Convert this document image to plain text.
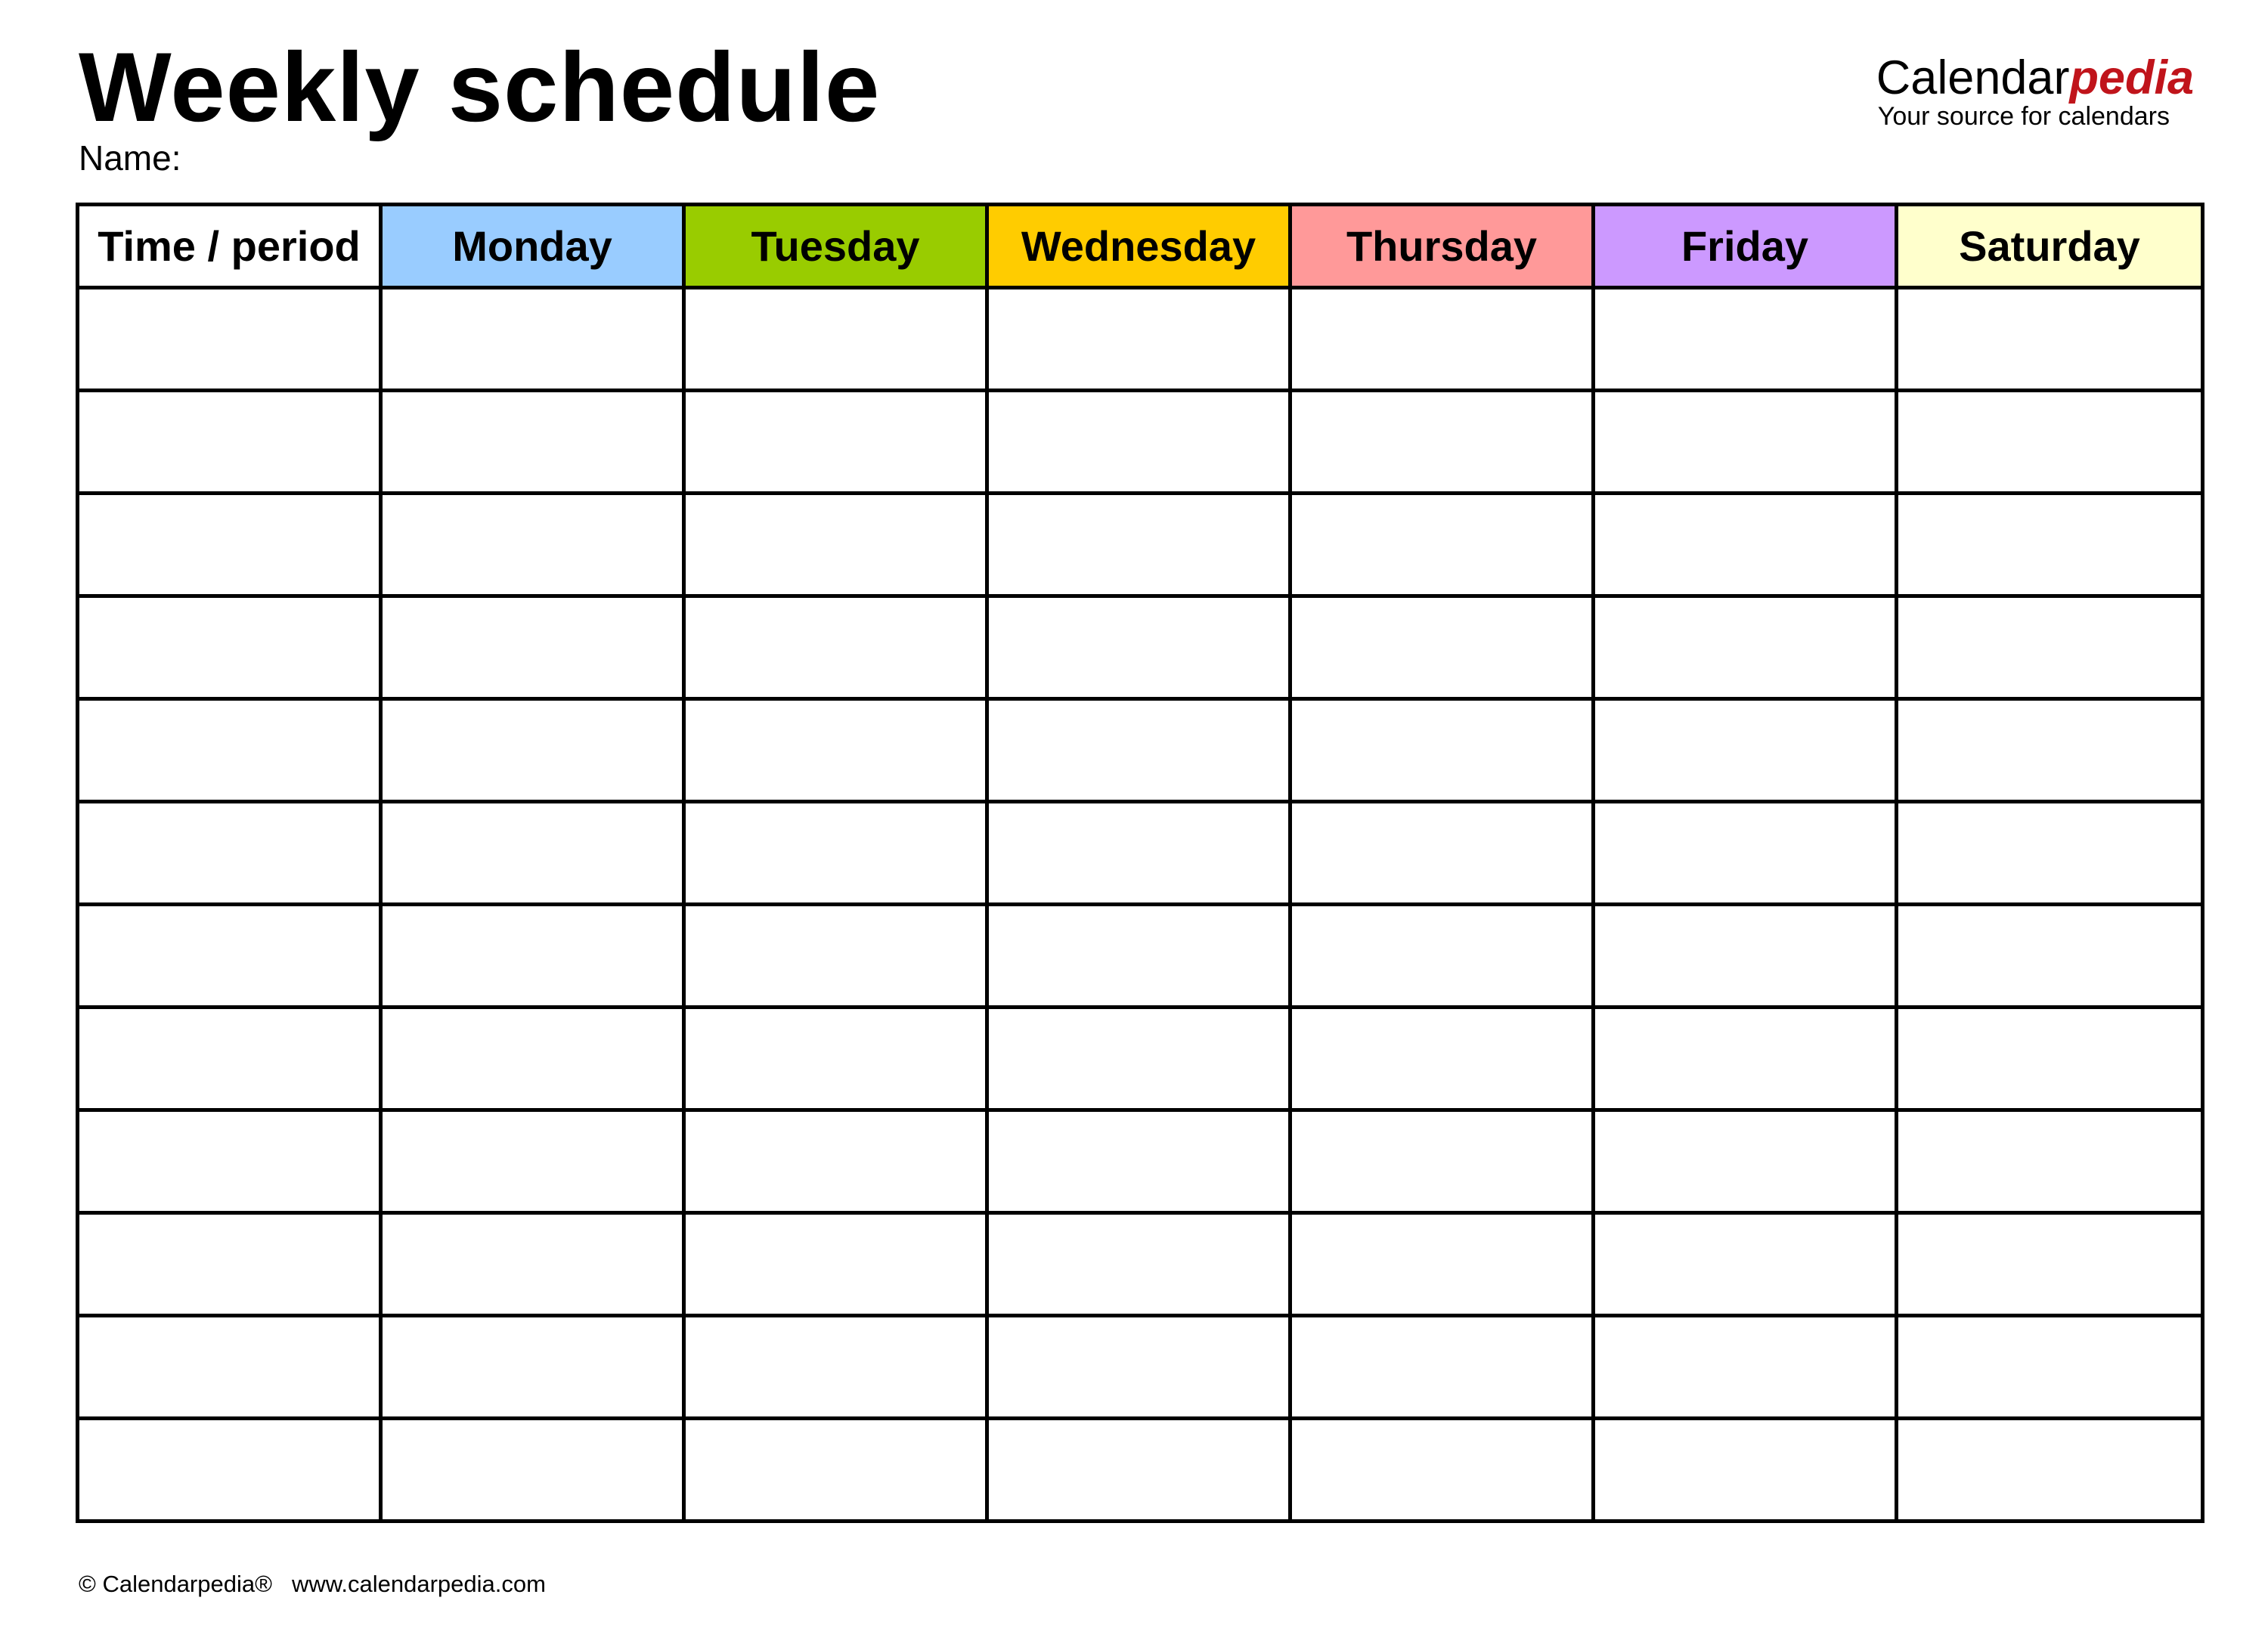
Weekly schedule
Name:
Calendarpedia
Your source for calendars
Time / period	Monday	Tuesday	Wednesday	Thursday	Friday	Saturday

© Calendarpedia® www.calendarpedia.com
